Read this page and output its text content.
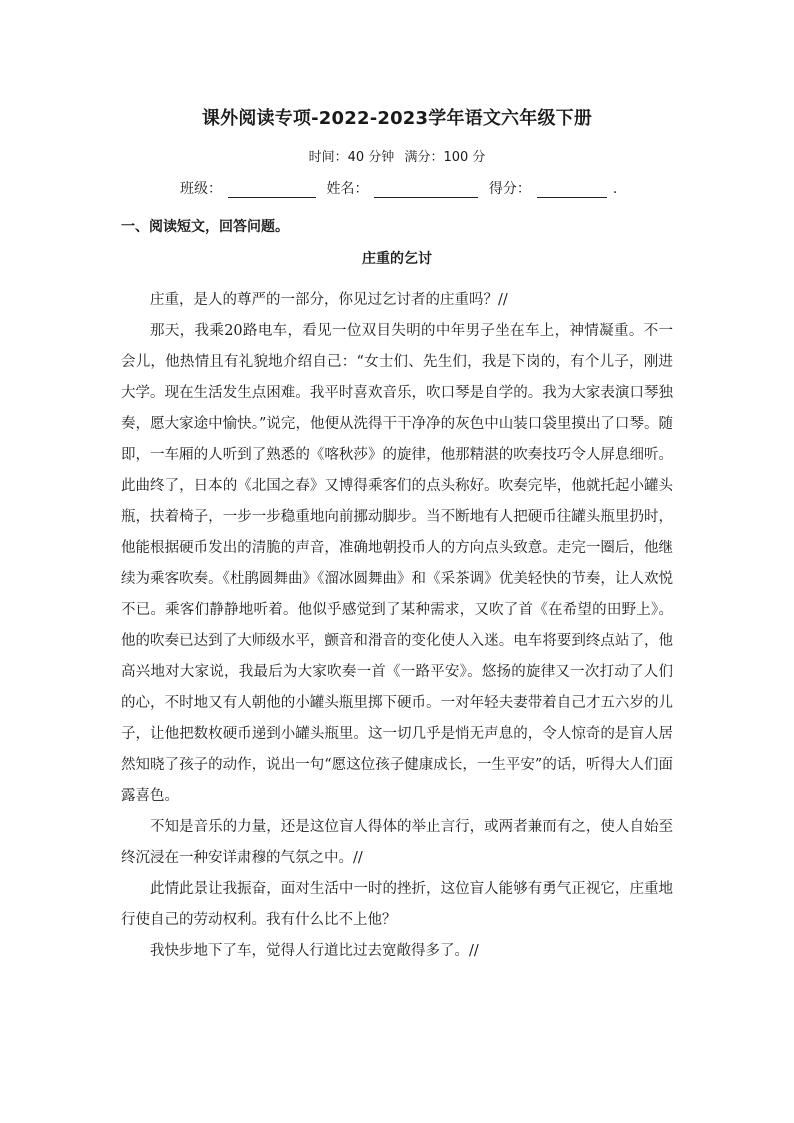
课外阅读专项-2022-2023学年语文六年级下册
时间：40 分钟 满分：100 分
班级：	姓名：	得分：	.
一、阅读短文，回答问题。
庄重的乞讨

庄重，是人的尊严的一部分，你见过乞讨者的庄重吗？//

那天，我乘20路电车，看见一位双目失明的中年男子坐在车上，神情凝重。不一会儿，他热情且有礼貌地介绍自己：“女士们、先生们，我是下岗的，有个儿子，刚进大学。现在生活发生点困难。我平时喜欢音乐，吹口琴是自学的。我为大家表演口琴独奏，愿大家途中愉快。”说完，他便从洗得干干净净的灰色中山装口袋里摸出了口琴。随即，一车厢的人听到了熟悉的《喀秋莎》的旋律，他那精湛的吹奏技巧令人屏息细听。此曲终了，日本的《北国之春》又博得乘客们的点头称好。吹奏完毕，他就托起小罐头瓶，扶着椅子，一步一步稳重地向前挪动脚步。当不断地有人把硬币往罐头瓶里扔时，他能根据硬币发出的清脆的声音，准确地朝投币人的方向点头致意。走完一圈后，他继续为乘客吹奏。《杜鹃圆舞曲》《溜冰圆舞曲》和《采茶调》优美轻快的节奏，让人欢悦不已。乘客们静静地听着。他似乎感觉到了某种需求，又吹了首《在希望的田野上》。他的吹奏已达到了大师级水平，颤音和滑音的变化使人入迷。电车将要到终点站了，他高兴地对大家说，我最后为大家吹奏一首《一路平安》。悠扬的旋律又一次打动了人们的心，不时地又有人朝他的小罐头瓶里掷下硬币。一对年轻夫妻带着自己才五六岁的儿子，让他把数枚硬币递到小罐头瓶里。这一切几乎是悄无声息的，令人惊奇的是盲人居然知晓了孩子的动作，说出一句“愿这位孩子健康成长，一生平安”的话，听得大人们面露喜色。

不知是音乐的力量，还是这位盲人得体的举止言行，或两者兼而有之，使人自始至终沉浸在一种安详肃穆的气氛之中。//

此情此景让我振奋，面对生活中一时的挫折，这位盲人能够有勇气正视它，庄重地行使自己的劳动权利。我有什么比不上他？

我快步地下了车，觉得人行道比过去宽敞得多了。//
